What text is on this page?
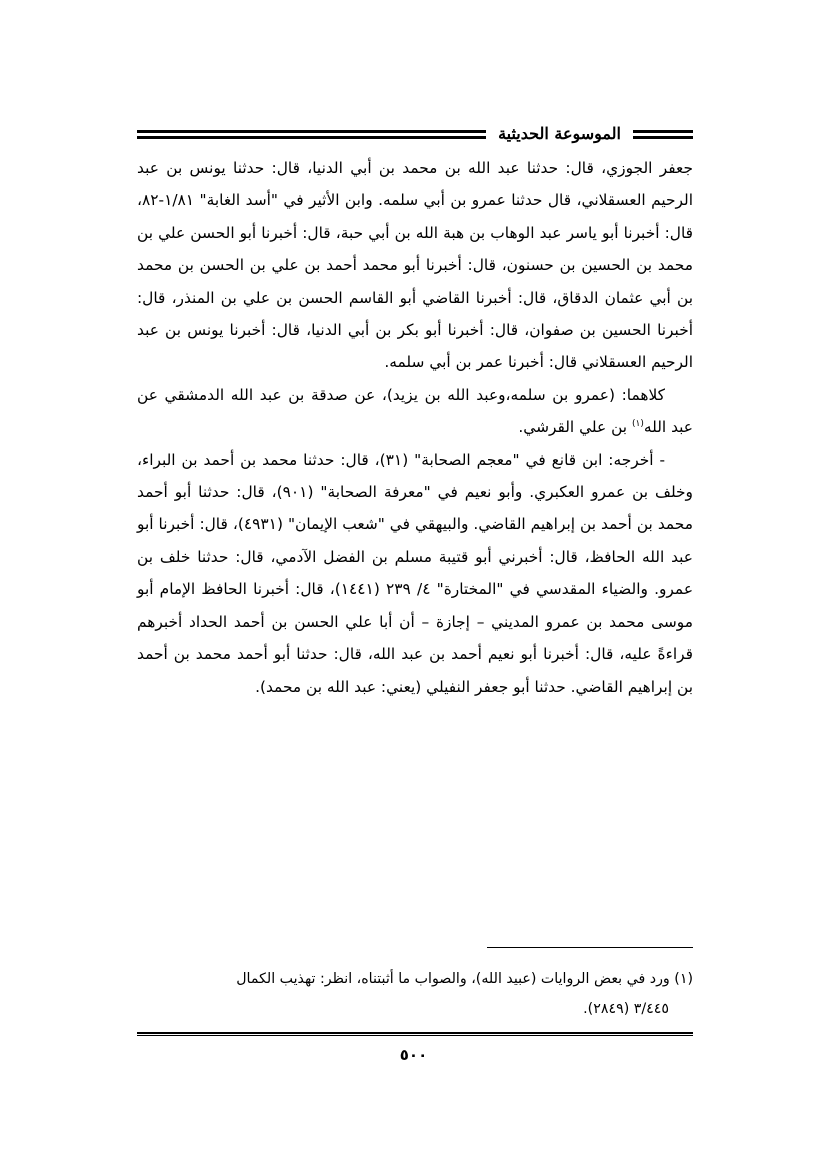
الموسوعة الحديثية

جعفر الجوزي، قال: حدثنا عبد الله بن محمد بن أبي الدنيا، قال: حدثنا يونس بن عبد الرحيم العسقلاني، قال حدثنا عمرو بن أبي سلمه. وابن الأثير في "أسد الغابة" ١/٨١-٨٢، قال: أخبرنا أبو ياسر عبد الوهاب بن هبة الله بن أبي حبة، قال: أخبرنا أبو الحسن علي بن محمد بن الحسين بن حسنون، قال: أخبرنا أبو محمد أحمد بن علي بن الحسن بن محمد بن أبي عثمان الدقاق، قال: أخبرنا القاضي أبو القاسم الحسن بن علي بن المنذر، قال: أخبرنا الحسين بن صفوان، قال: أخبرنا أبو بكر بن أبي الدنيا، قال: أخبرنا يونس بن عبد الرحيم العسقلاني قال: أخبرنا عمر بن أبي سلمه.

كلاهما: (عمرو بن سلمه،وعبد الله بن يزيد)، عن صدقة بن عبد الله الدمشقي عن عبد الله$^{(١)}$ بن علي القرشي.

- أخرجه: ابن قانع في "معجم الصحابة" (٣١)، قال: حدثنا محمد بن أحمد بن البراء، وخلف بن عمرو العكبري. وأبو نعيم في "معرفة الصحابة" (٩٠١)، قال: حدثنا أبو أحمد محمد بن أحمد بن إبراهيم القاضي. والبيهقي في "شعب الإيمان" (٤٩٣١)، قال: أخبرنا أبو عبد الله الحافظ، قال: أخبرني أبو قتيبة مسلم بن الفضل الآدمي، قال: حدثنا خلف بن عمرو. والضياء المقدسي في "المختارة" ٤/ ٢٣٩ (١٤٤١)، قال: أخبرنا الحافظ الإمام أبو موسى محمد بن عمرو المديني – إجازة – أن أبا علي الحسن بن أحمد الحداد أخبرهم قراءةً عليه، قال: أخبرنا أبو نعيم أحمد بن عبد الله، قال: حدثنا أبو أحمد محمد بن أحمد بن إبراهيم القاضي. حدثنا أبو جعفر النفيلي (يعني: عبد الله بن محمد).

(١) ورد في بعض الروايات (عبيد الله)، والصواب ما أثبتناه، انظر: تهذيب الكمال

٣/٤٤٥ (٢٨٤٩).

٥٠٠
